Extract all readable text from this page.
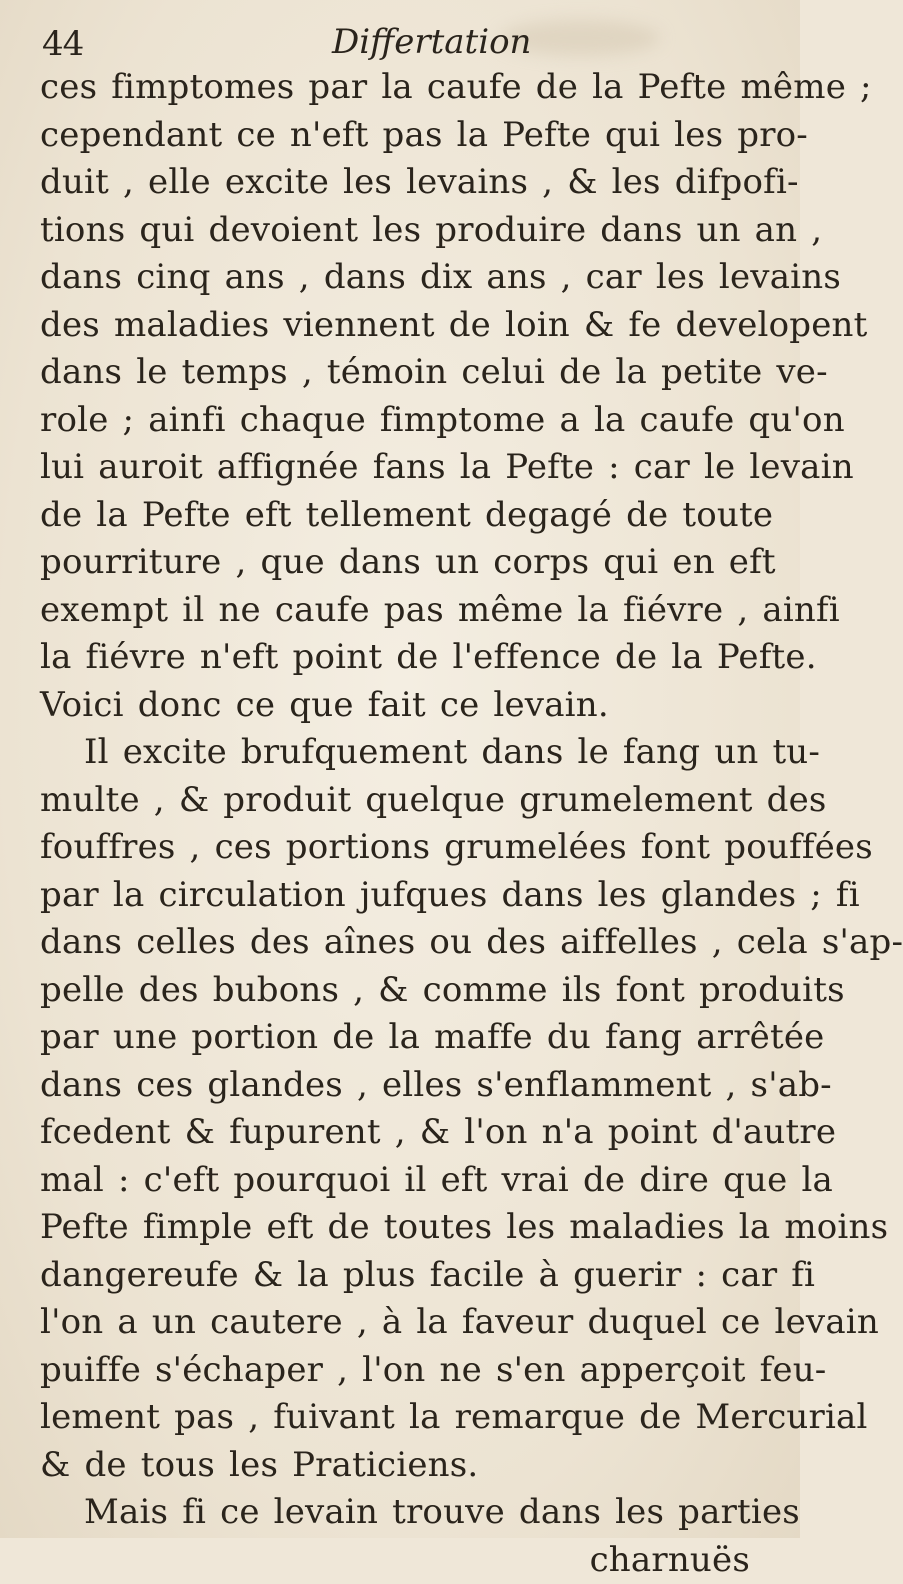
44	Differtation
ces fimptomes par la caufe de la Pefte même ;
cependant ce n'eft pas la Pefte qui les pro-
duit , elle excite les levains , & les difpofi-
tions qui devoient les produire dans un an ,
dans cinq ans , dans dix ans , car les levains
des maladies viennent de loin & fe developent
dans le temps , témoin celui de la petite ve-
role ; ainfi chaque fimptome a la caufe qu'on
lui auroit affignée fans la Pefte : car le levain
de la Pefte eft tellement degagé de toute
pourriture , que dans un corps qui en eft
exempt il ne caufe pas même la fiévre , ainfi
la fiévre n'eft point de l'effence de la Pefte.
Voici donc ce que fait ce levain.
Il excite brufquement dans le fang un tu-
multe , & produit quelque grumelement des
fouffres , ces portions grumelées font pouffées
par la circulation jufques dans les glandes ; fi
dans celles des aînes ou des aiffelles , cela s'ap-
pelle des bubons , & comme ils font produits
par une portion de la maffe du fang arrêtée
dans ces glandes , elles s'enflamment , s'ab-
fcedent & fupurent , & l'on n'a point d'autre
mal : c'eft pourquoi il eft vrai de dire que la
Pefte fimple eft de toutes les maladies la moins
dangereufe & la plus facile à guerir : car fi
l'on a un cautere , à la faveur duquel ce levain
puiffe s'échaper , l'on ne s'en apperçoit feu-
lement pas , fuivant la remarque de Mercurial
& de tous les Praticiens.
Mais fi ce levain trouve dans les parties
charnuës
